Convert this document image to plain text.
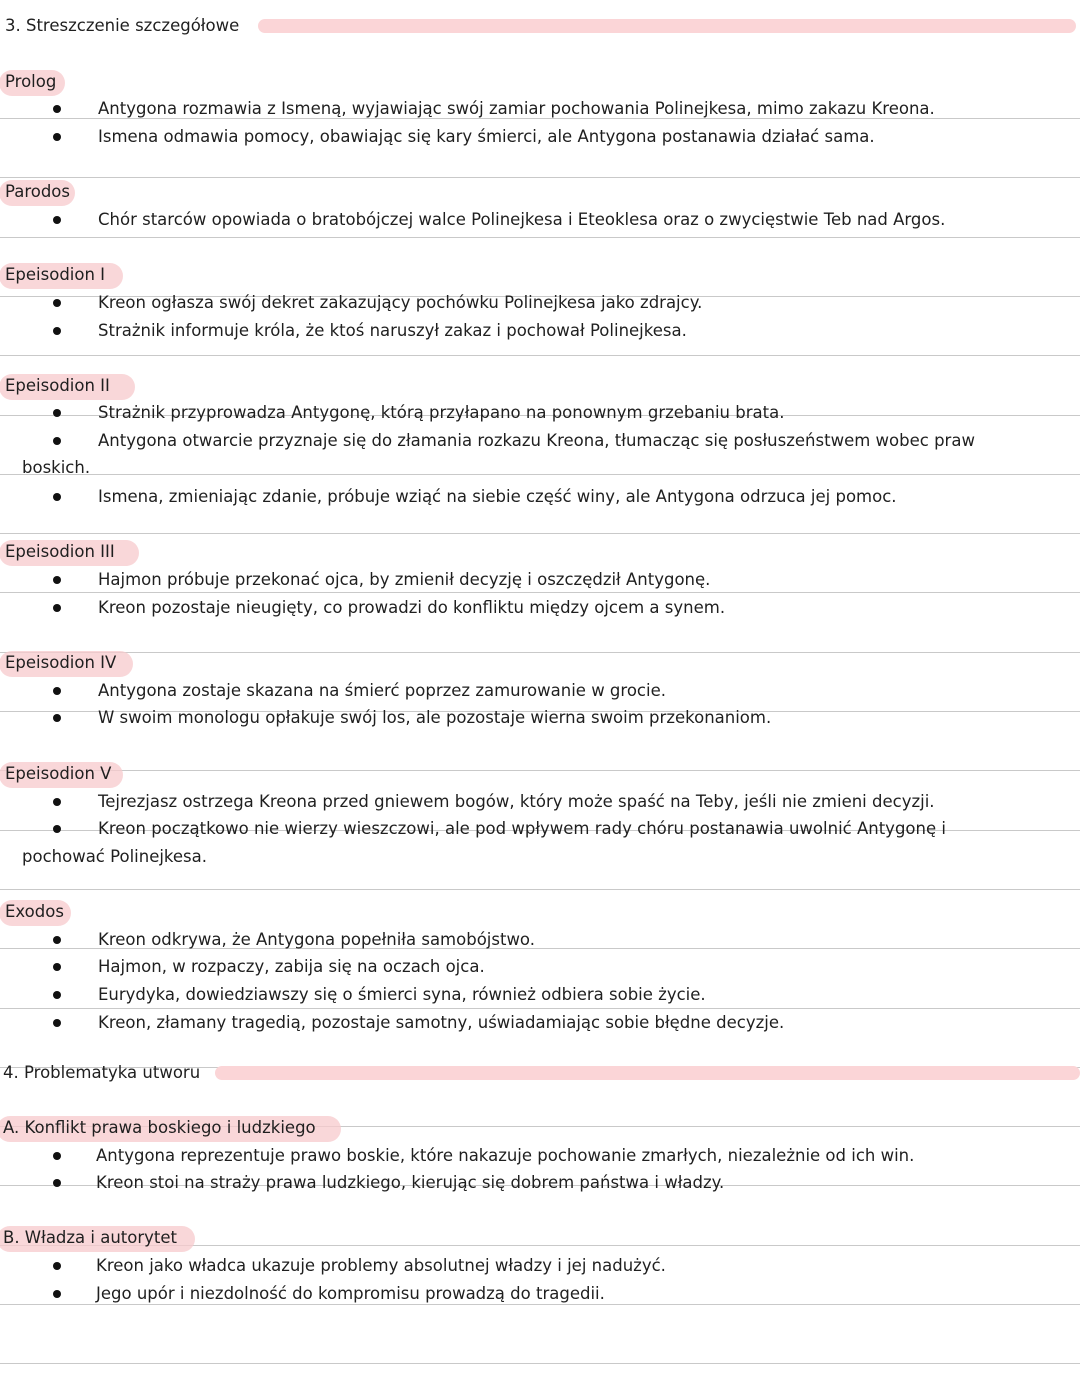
3. Streszczenie szczegółowe
Prolog
Antygona rozmawia z Ismeną, wyjawiając swój zamiar pochowania Polinejkesa, mimo zakazu Kreona.
Ismena odmawia pomocy, obawiając się kary śmierci, ale Antygona postanawia działać sama.
Parodos
Chór starców opowiada o bratobójczej walce Polinejkesa i Eteoklesa oraz o zwycięstwie Teb nad Argos.
Epeisodion I
Kreon ogłasza swój dekret zakazujący pochówku Polinejkesa jako zdrajcy.
Strażnik informuje króla, że ktoś naruszył zakaz i pochował Polinejkesa.
Epeisodion II
Strażnik przyprowadza Antygonę, którą przyłapano na ponownym grzebaniu brata.
Antygona otwarcie przyznaje się do złamania rozkazu Kreona, tłumacząc się posłuszeństwem wobec praw
boskich.
Ismena, zmieniając zdanie, próbuje wziąć na siebie część winy, ale Antygona odrzuca jej pomoc.
Epeisodion III
Hajmon próbuje przekonać ojca, by zmienił decyzję i oszczędził Antygonę.
Kreon pozostaje nieugięty, co prowadzi do konfliktu między ojcem a synem.
Epeisodion IV
Antygona zostaje skazana na śmierć poprzez zamurowanie w grocie.
W swoim monologu opłakuje swój los, ale pozostaje wierna swoim przekonaniom.
Epeisodion V
Tejrezjasz ostrzega Kreona przed gniewem bogów, który może spaść na Teby, jeśli nie zmieni decyzji.
Kreon początkowo nie wierzy wieszczowi, ale pod wpływem rady chóru postanawia uwolnić Antygonę i
pochować Polinejkesa.
Exodos
Kreon odkrywa, że Antygona popełniła samobójstwo.
Hajmon, w rozpaczy, zabija się na oczach ojca.
Eurydyka, dowiedziawszy się o śmierci syna, również odbiera sobie życie.
Kreon, złamany tragedią, pozostaje samotny, uświadamiając sobie błędne decyzje.
4. Problematyka utworu
A. Konflikt prawa boskiego i ludzkiego
Antygona reprezentuje prawo boskie, które nakazuje pochowanie zmarłych, niezależnie od ich win.
Kreon stoi na straży prawa ludzkiego, kierując się dobrem państwa i władzy.
B. Władza i autorytet
Kreon jako władca ukazuje problemy absolutnej władzy i jej nadużyć.
Jego upór i niezdolność do kompromisu prowadzą do tragedii.
